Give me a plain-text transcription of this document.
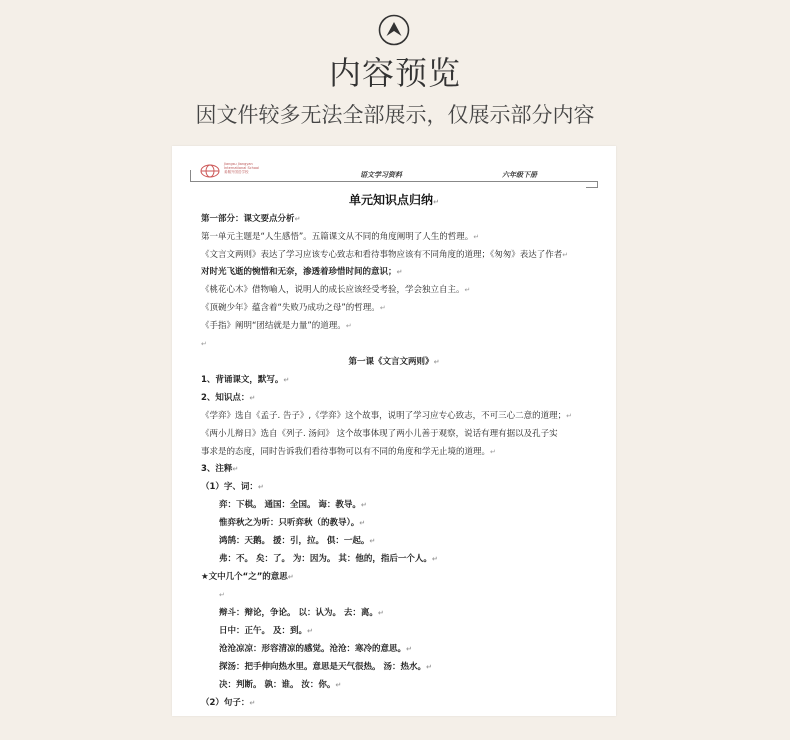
内容预览
因文件较多无法全部展示，仅展示部分内容
Jiangsu Jiangyan
International School
姜堰外国语学校	语文学习资料	六年级下册
单元知识点归纳↵
第一部分：课文要点分析↵
第一单元主题是“人生感悟”。五篇课文从不同的角度阐明了人生的哲理。↵
《文言文两则》表达了学习应该专心致志和看待事物应该有不同角度的道理；《匆匆》表达了作者↵
对时光飞逝的惋惜和无奈，渗透着珍惜时间的意识；↵
《桃花心木》借物喻人，说明人的成长应该经受考验，学会独立自主。↵
《顶碗少年》蕴含着“失败乃成功之母”的哲理。↵
《手指》阐明“团结就是力量”的道理。↵
↵
第一课《文言文两则》↵
1、背诵课文，默写。↵
2、知识点：↵
《学弈》选自《孟子. 告子》,《学弈》这个故事，说明了学习应专心致志，不可三心二意的道理；↵
《两小儿辩日》选自《列子. 汤问》 这个故事体现了两小儿善于观察，说话有理有据以及孔子实
事求是的态度，同时告诉我们看待事物可以有不同的角度和学无止境的道理。↵
3、注释↵
（1）字、词：↵
弈：下棋。 通国：全国。 诲：教导。↵
惟弈秋之为听：只听弈秋（的教导）。↵
鸿鹄：天鹅。 援：引，拉。 俱：一起。↵
弗：不。 矣：了。 为：因为。 其：他的，指后一个人。↵
★文中几个“之”的意思↵
↵
辩斗：辩论，争论。 以：认为。 去：离。↵
日中：正午。 及：到。↵
沧沧凉凉：形容清凉的感觉。沧沧：寒冷的意思。↵
探汤：把手伸向热水里。意思是天气很热。 汤：热水。↵
决：判断。 孰：谁。 汝：你。↵
（2）句子：↵
